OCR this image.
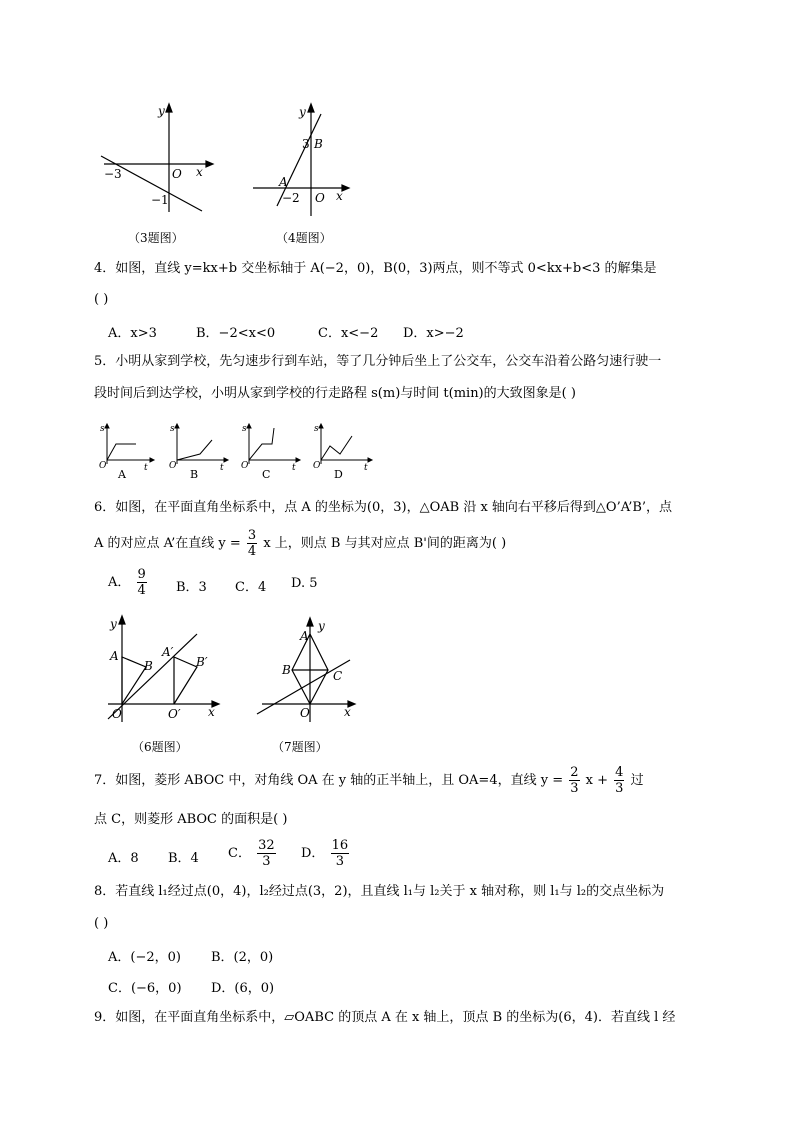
y
x
O
−3
−1
（3题图）
y
x
O
A
B
3
−2
（4题图）
4．如图，直线 y=kx+b 交坐标轴于 A(−2，0)，B(0，3)两点，则不等式 0<kx+b<3 的解集是
( )
A．x>3	B．−2<x<0	C．x<−2 D．x>−2
5．小明从家到学校，先匀速步行到车站，等了几分钟后坐上了公交车，公交车沿着公路匀速行驶一
段时间后到达学校，小明从家到学校的行走路程 s(m)与时间 t(min)的大致图象是( )
s
t
O
A
s
t
O
B
s
t
O
C
s
t
O
D
6．如图，在平面直角坐标系中，点 A 的坐标为(0，3)，△OAB 沿 x 轴向右平移后得到△O’A’B’，点
A 的对应点 A’在直线 $y = \frac{3}{4}$ x 上，则点 B 与其对应点 B'间的距离为( )
A． $\frac{9}{4}$ B．3 C．4 D. 5
y
x
O
A
B
A′
B′
O′
（6题图）
y
x
O
A
B	C
（7题图）
7．如图，菱形 ABOC 中，对角线 OA 在 y 轴的正半轴上，且 OA=4，直线 $y = \frac{2}{3}$ $x + \frac{4}{3}$ 过
点 C，则菱形 ABOC 的面积是( )
A．8 B．4 C． $\frac{32}{3}$ D． $\frac{16}{3}$
8．若直线 l₁经过点(0，4)，l₂经过点(3，2)，且直线 l₁与 l₂关于 x 轴对称，则 l₁与 l₂的交点坐标为
( )
A．(−2，0) B．(2，0)
C．(−6，0) D．(6，0)
9．如图，在平面直角坐标系中，▱OABC 的顶点 A 在 x 轴上，顶点 B 的坐标为(6，4)．若直线 l 经
